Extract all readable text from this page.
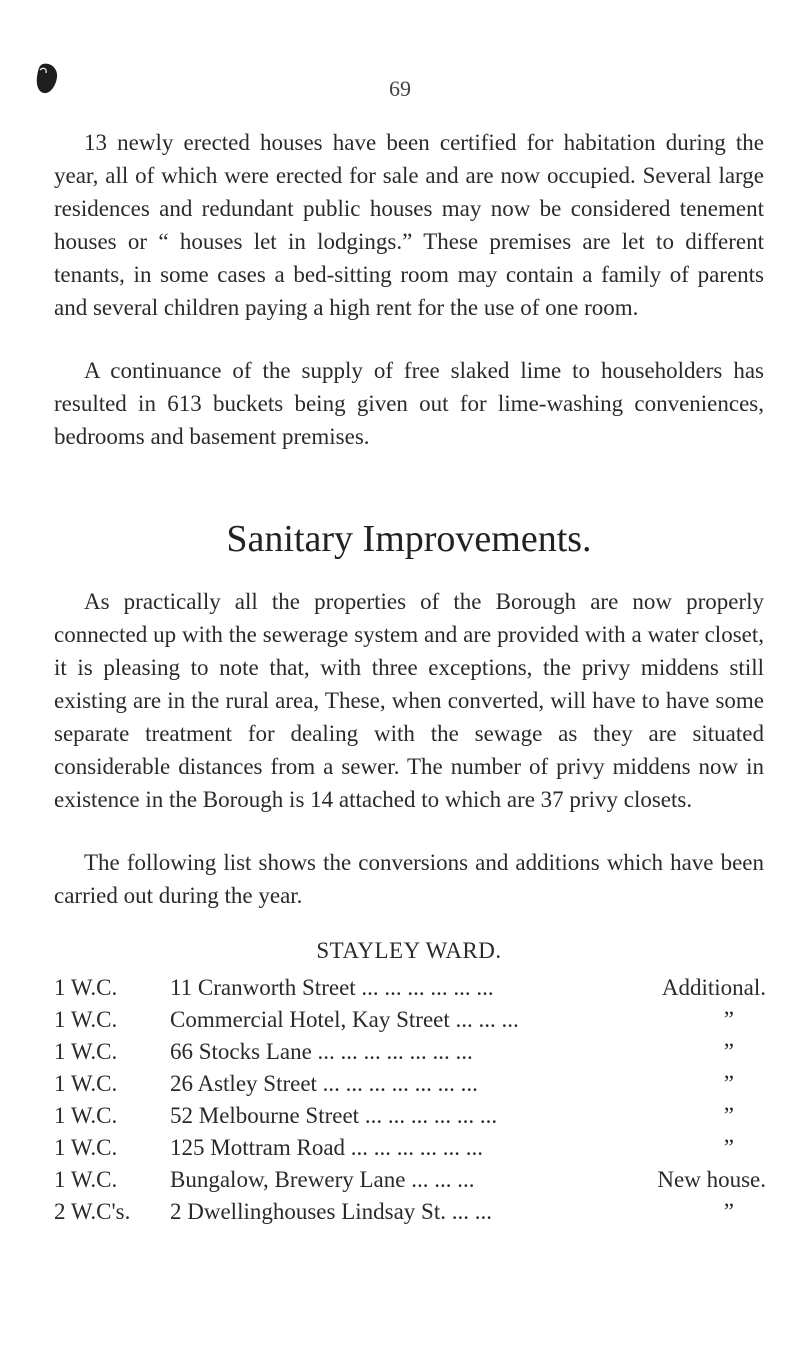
69

13 newly erected houses have been certified for habitation during the year, all of which were erected for sale and are now occupied. Several large residences and redundant public houses may now be considered tenement houses or “ houses let in lodgings.” These premises are let to different tenants, in some cases a bed-sitting room may contain a family of parents and several children paying a high rent for the use of one room.

A continuance of the supply of free slaked lime to householders has resulted in 613 buckets being given out for lime-washing conveniences, bedrooms and basement premises.

Sanitary Improvements.

As practically all the properties of the Borough are now properly connected up with the sewerage system and are provided with a water closet, it is pleasing to note that, with three exceptions, the privy middens still existing are in the rural area, These, when converted, will have to have some separate treatment for dealing with the sewage as they are situated considerable distances from a sewer. The number of privy middens now in existence in the Borough is 14 attached to which are 37 privy closets.

The following list shows the conversions and additions which have been carried out during the year.

STAYLEY WARD.
1 W.C. 11 Cranworth Street ... ... ... ... ... ...	Additional.
1 W.C. Commercial Hotel, Kay Street ... ... ...	”
1 W.C. 66 Stocks Lane ... ... ... ... ... ... ...	”
1 W.C. 26 Astley Street ... ... ... ... ... ... ...	”
1 W.C. 52 Melbourne Street ... ... ... ... ... ...	”
1 W.C. 125 Mottram Road ... ... ... ... ... ...	”
1 W.C. Bungalow, Brewery Lane ... ... ...	New house.
2 W.C's. 2 Dwellinghouses Lindsay St. ... ...	”
